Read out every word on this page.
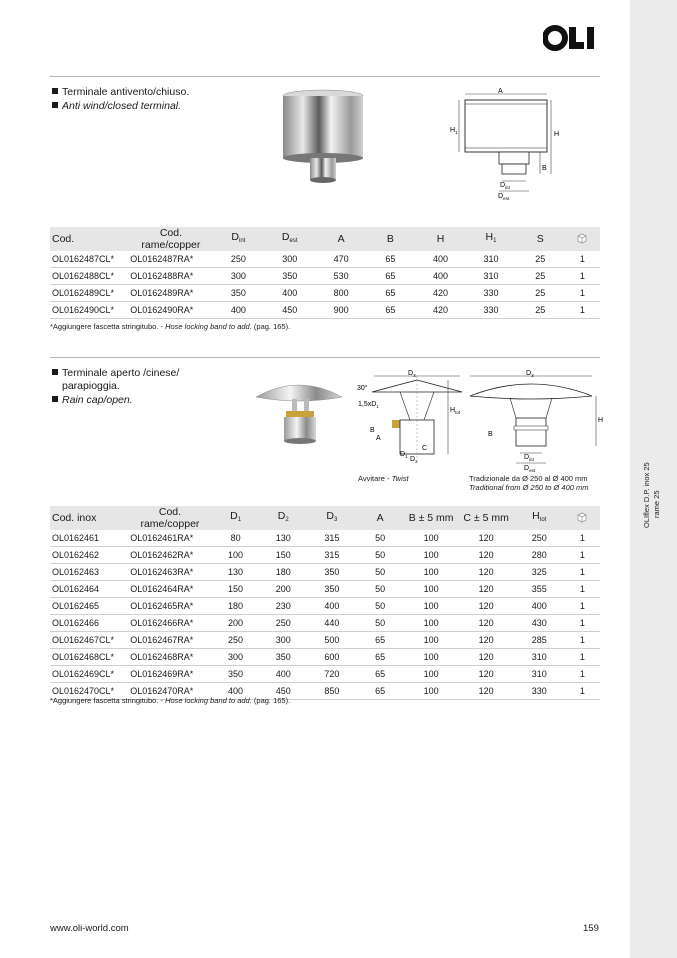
OLIflex D.P. inox 25 rame 25
Terminale antivento/chiuso.
Anti wind/closed terminal.
A
$H_1$	H
B
$D_{int}$
$D_{est}$
Cod.	Cod.
rame/copper	$D_{int}$	$D_{est}$	A	B	H	$H_1$	S	
OL0162487CL*	OL0162487RA*	250	300	470	65	400	310	25	1
OL0162488CL*	OL0162488RA*	300	350	530	65	400	310	25	1
OL0162489CL*	OL0162489RA*	350	400	800	65	420	330	25	1
OL0162490CL*	OL0162490RA*	400	450	900	65	420	330	25	1
*Aggiungere fascetta stringitubo. - Hose locking band to add. (pag. 165).
Terminale aperto /cinese/
parapioggia.
Rain cap/open.
$D_3$
30°
$1,5xD_1$
$H_{tot}$
B
A
C
$D_1$ $D_2$
Avvitare - Twist
$D_3$
H
B
$D_{int}$
$D_{est}$
Tradizionale da Ø 250 al Ø 400 mm
Traditional from Ø 250 to Ø 400 mm
Cod. inox	Cod.
rame/copper	$D_1$	$D_2$	$D_3$	A	B ± 5 mm	C ± 5 mm	$H_{tot}$	
OL0162461	OL0162461RA*	80	130	315	50	100	120	250	1
OL0162462	OL0162462RA*	100	150	315	50	100	120	280	1
OL0162463	OL0162463RA*	130	180	350	50	100	120	325	1
OL0162464	OL0162464RA*	150	200	350	50	100	120	355	1
OL0162465	OL0162465RA*	180	230	400	50	100	120	400	1
OL0162466	OL0162466RA*	200	250	440	50	100	120	430	1
OL0162467CL*	OL0162467RA*	250	300	500	65	100	120	285	1
OL0162468CL*	OL0162468RA*	300	350	600	65	100	120	310	1
OL0162469CL*	OL0162469RA*	350	400	720	65	100	120	310	1
OL0162470CL*	OL0162470RA*	400	450	850	65	100	120	330	1
*Aggiungere fascetta stringitubo. - Hose locking band to add. (pag. 165).
www.oli-world.com	159
